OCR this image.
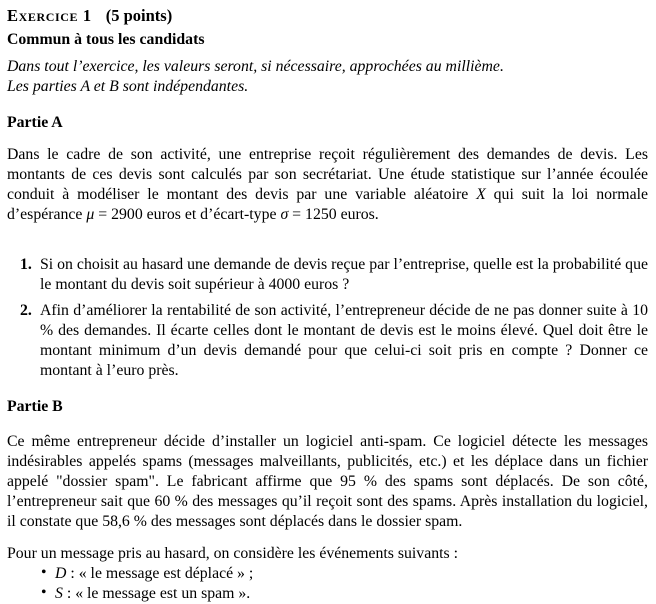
Exercice 1 (5 points)
Commun à tous les candidats
Dans tout l’exercice, les valeurs seront, si nécessaire, approchées au millième.
Les parties A et B sont indépendantes.
Partie A

Dans le cadre de son activité, une entreprise reçoit régulièrement des demandes de devis. Les montants de ces devis sont calculés par son secrétariat. Une étude statistique sur l’année écoulée conduit à modéliser le montant des devis par une variable aléatoire X qui suit la loi normale d’espérance μ = 2900 euros et d’écart-type σ = 1250 euros.

1. Si on choisit au hasard une demande de devis reçue par l’entreprise, quelle est la probabilité que le montant du devis soit supérieur à 4000 euros ?
2. Afin d’améliorer la rentabilité de son activité, l’entrepreneur décide de ne pas donner suite à 10 % des demandes. Il écarte celles dont le montant de devis est le moins élevé. Quel doit être le montant minimum d’un devis demandé pour que celui-ci soit pris en compte ? Donner ce montant à l’euro près.
Partie B

Ce même entrepreneur décide d’installer un logiciel anti-spam. Ce logiciel détecte les messages indésirables appelés spams (messages malveillants, publicités, etc.) et les déplace dans un fichier appelé "dossier spam". Le fabricant affirme que 95 % des spams sont déplacés. De son côté, l’entrepreneur sait que 60 % des messages qu’il reçoit sont des spams. Après installation du logiciel, il constate que 58,6 % des messages sont déplacés dans le dossier spam.

Pour un message pris au hasard, on considère les événements suivants :

• D : « le message est déplacé » ;
• S : « le message est un spam ».
